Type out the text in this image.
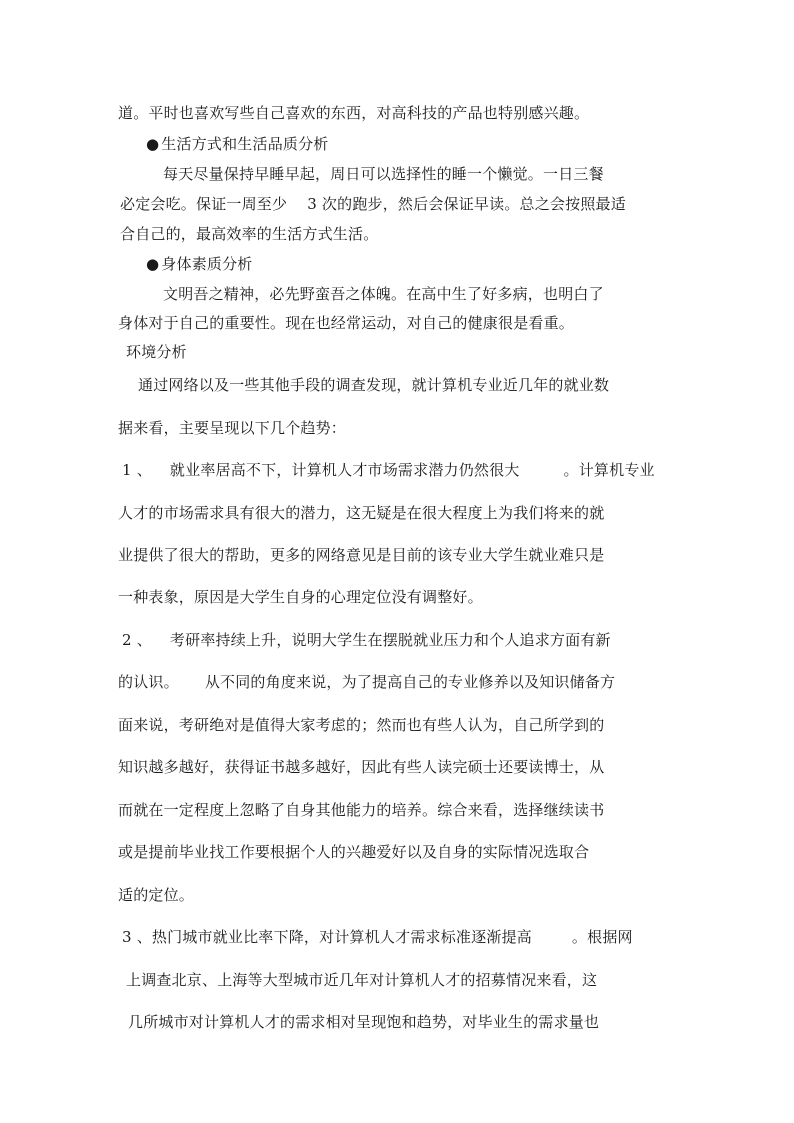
道。平时也喜欢写些自己喜欢的东西，对高科技的产品也特别感兴趣。
● 生活方式和生活品质分析
每天尽量保持早睡早起，周日可以选择性的睡一个懒觉。一日三餐
必定会吃。保证一周至少 3 次的跑步，然后会保证早读。总之会按照最适
合自己的，最高效率的生活方式生活。
● 身体素质分析
文明吾之精神，必先野蛮吾之体魄。在高中生了好多病，也明白了
身体对于自己的重要性。现在也经常运动，对自己的健康很是看重。
环境分析
通过网络以及一些其他手段的调查发现，就计算机专业近几年的就业数
据来看，主要呈现以下几个趋势：
1 、 就业率居高不下，计算机人才市场需求潜力仍然很大	。计算机专业
人才的市场需求具有很大的潜力，这无疑是在很大程度上为我们将来的就
业提供了很大的帮助，更多的网络意见是目前的该专业大学生就业难只是
一种表象，原因是大学生自身的心理定位没有调整好。
2 、 考研率持续上升，说明大学生在摆脱就业压力和个人追求方面有新
的认识。 从不同的角度来说，为了提高自己的专业修养以及知识储备方
面来说，考研绝对是值得大家考虑的；然而也有些人认为，自己所学到的
知识越多越好，获得证书越多越好，因此有些人读完硕士还要读博士，从
而就在一定程度上忽略了自身其他能力的培养。综合来看，选择继续读书
或是提前毕业找工作要根据个人的兴趣爱好以及自身的实际情况选取合
适的定位。
3 、热门城市就业比率下降，对计算机人才需求标准逐渐提高	。根据网
上调查北京、上海等大型城市近几年对计算机人才的招募情况来看，这
几所城市对计算机人才的需求相对呈现饱和趋势，对毕业生的需求量也
